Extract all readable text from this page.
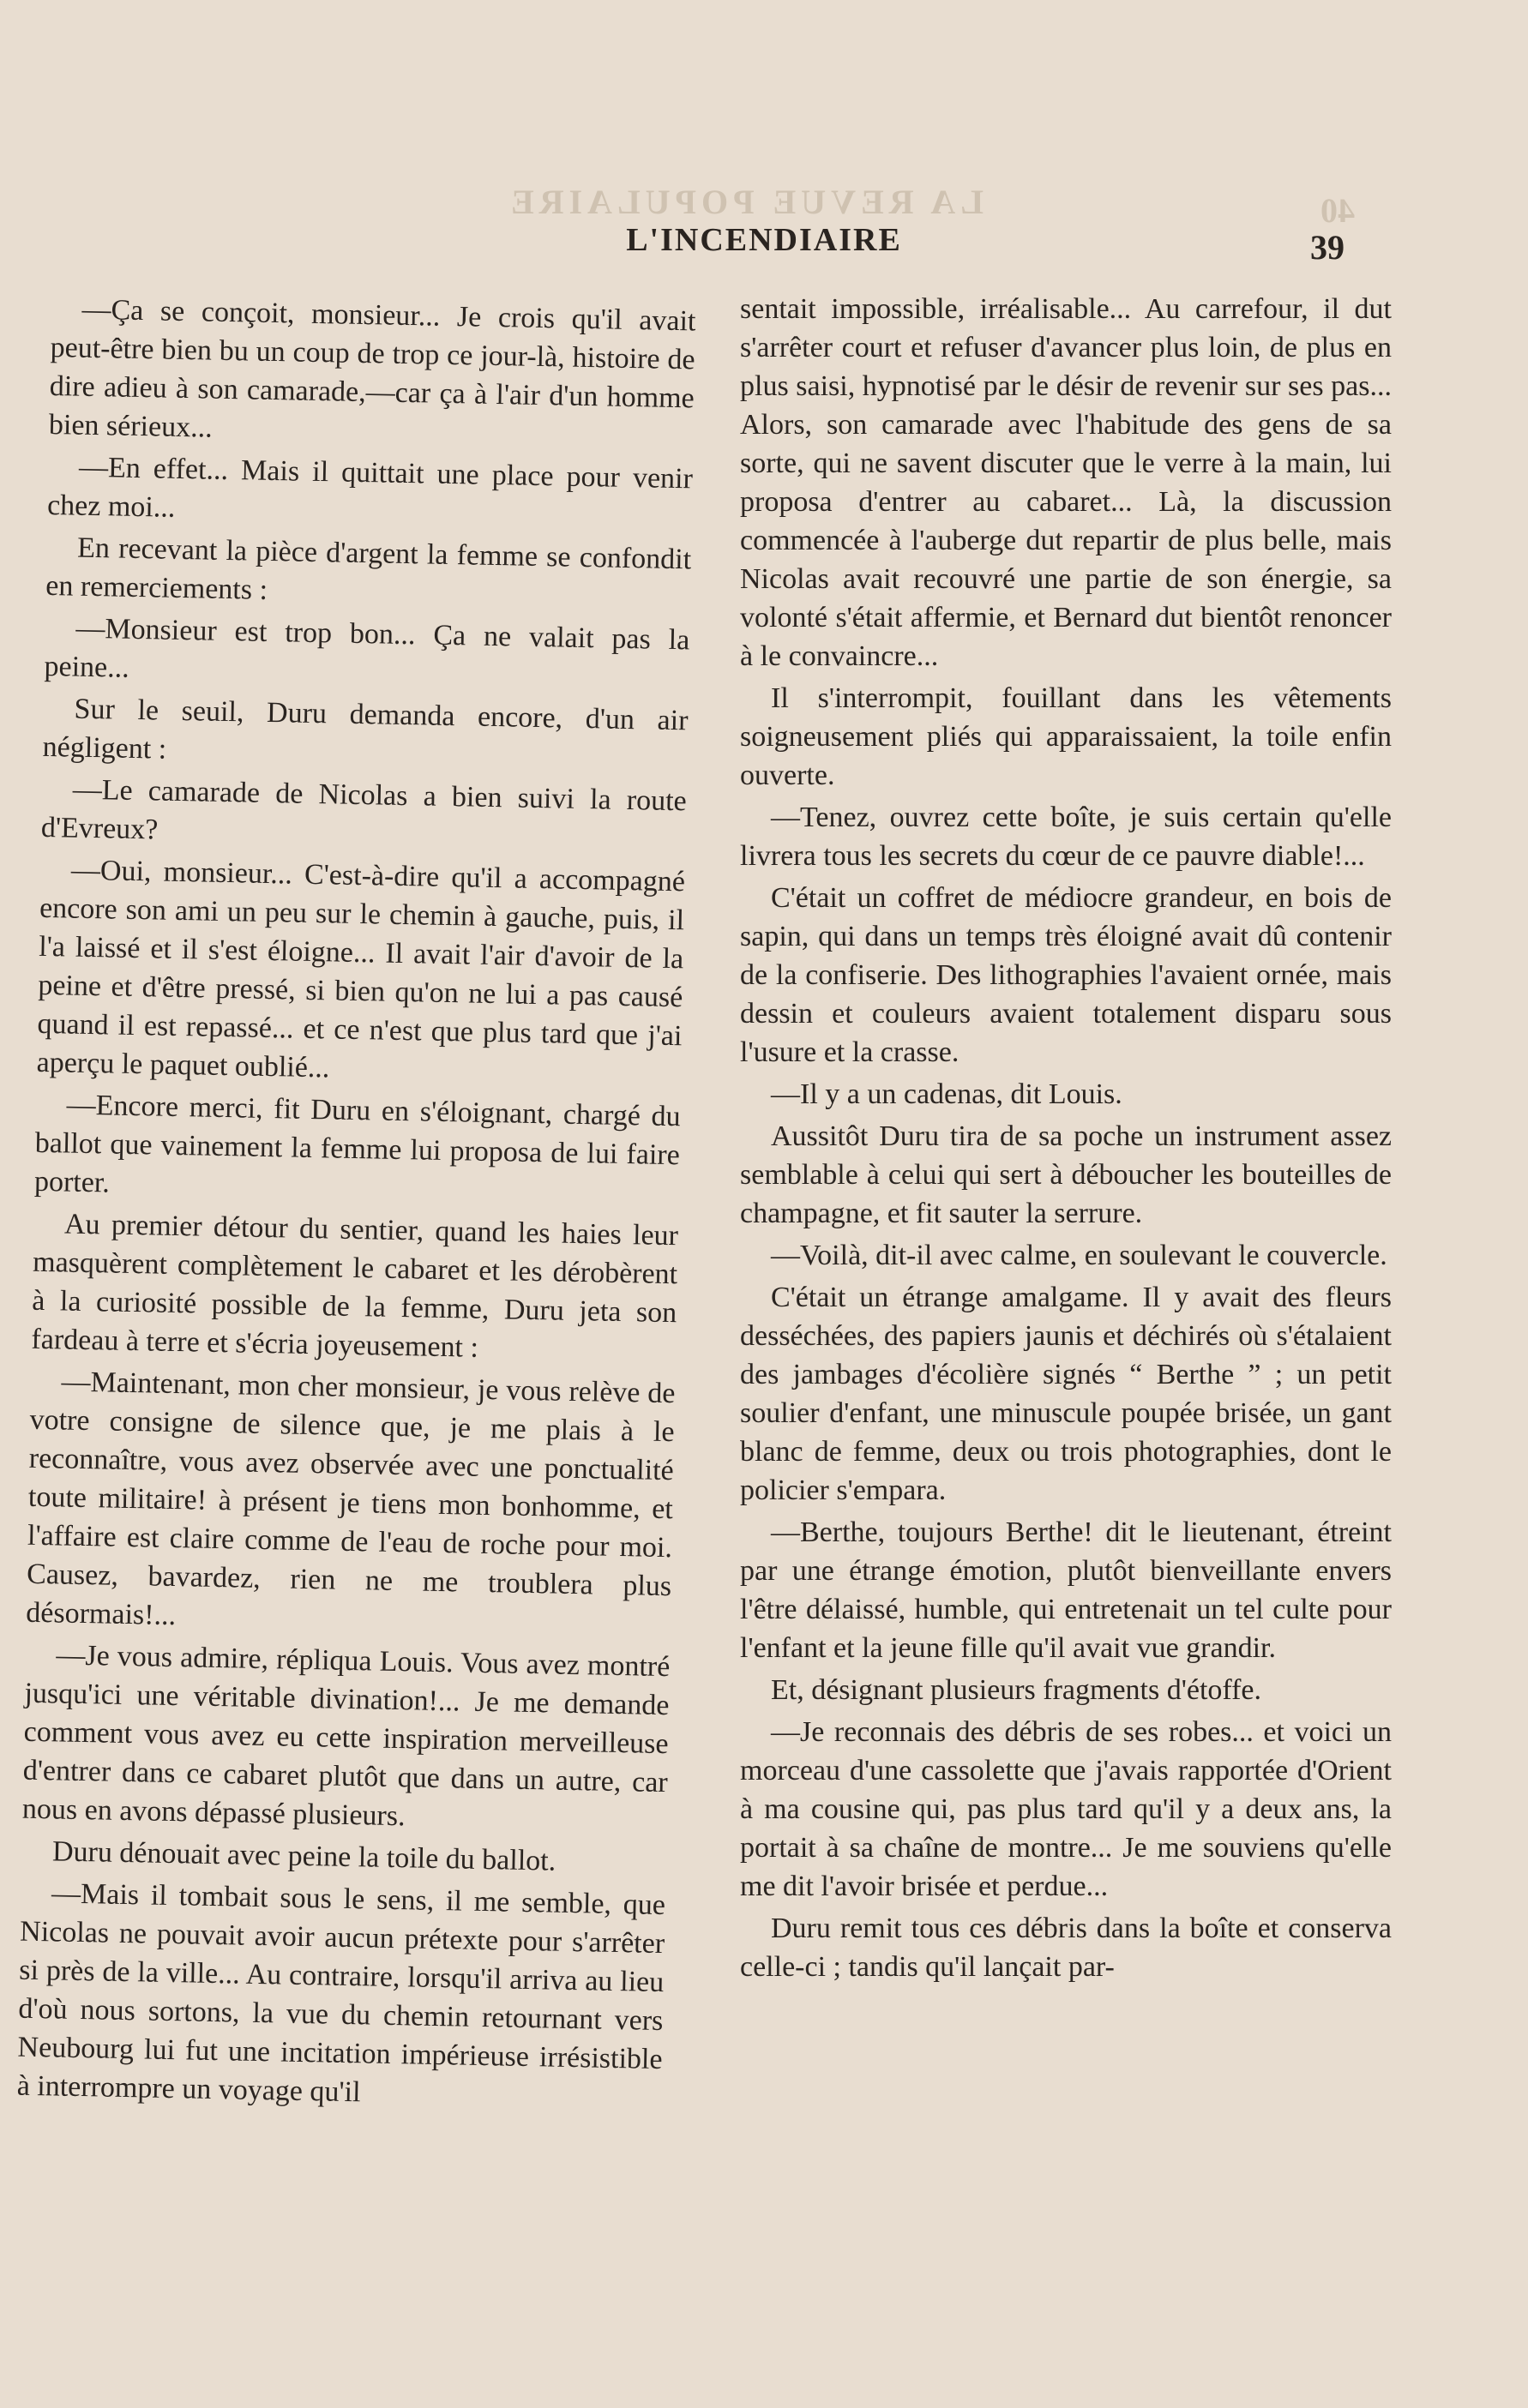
LA REVUE POPULAIRE	40
L'INCENDIAIRE	39

—Ça se conçoit, monsieur... Je crois qu'il avait peut-être bien bu un coup de trop ce jour-là, histoire de dire adieu à son camarade,—car ça à l'air d'un homme bien sérieux...

—En effet... Mais il quittait une place pour venir chez moi...

En recevant la pièce d'argent la femme se confondit en remerciements :

—Monsieur est trop bon... Ça ne valait pas la peine...

Sur le seuil, Duru demanda encore, d'un air négligent :

—Le camarade de Nicolas a bien suivi la route d'Evreux?

—Oui, monsieur... C'est-à-dire qu'il a accompagné encore son ami un peu sur le chemin à gauche, puis, il l'a laissé et il s'est éloigne... Il avait l'air d'avoir de la peine et d'être pressé, si bien qu'on ne lui a pas causé quand il est repassé... et ce n'est que plus tard que j'ai aperçu le paquet oublié...

—Encore merci, fit Duru en s'éloignant, chargé du ballot que vainement la femme lui proposa de lui faire porter.

Au premier détour du sentier, quand les haies leur masquèrent complètement le cabaret et les dérobèrent à la curiosité possible de la femme, Duru jeta son fardeau à terre et s'écria joyeusement :

—Maintenant, mon cher monsieur, je vous relève de votre consigne de silence que, je me plais à le reconnaître, vous avez observée avec une ponctualité toute militaire! à présent je tiens mon bonhomme, et l'affaire est claire comme de l'eau de roche pour moi. Causez, bavardez, rien ne me troublera plus désormais!...

—Je vous admire, répliqua Louis. Vous avez montré jusqu'ici une véritable divination!... Je me demande comment vous avez eu cette inspiration merveilleuse d'entrer dans ce cabaret plutôt que dans un autre, car nous en avons dépassé plusieurs.

Duru dénouait avec peine la toile du ballot.

—Mais il tombait sous le sens, il me semble, que Nicolas ne pouvait avoir aucun prétexte pour s'arrêter si près de la ville... Au contraire, lorsqu'il arriva au lieu d'où nous sortons, la vue du chemin retournant vers Neubourg lui fut une incitation impérieuse irrésistible à interrompre un voyage qu'il

sentait impossible, irréalisable... Au carrefour, il dut s'arrêter court et refuser d'avancer plus loin, de plus en plus saisi, hypnotisé par le désir de revenir sur ses pas... Alors, son camarade avec l'habitude des gens de sa sorte, qui ne savent discuter que le verre à la main, lui proposa d'entrer au cabaret... Là, la discussion commencée à l'auberge dut repartir de plus belle, mais Nicolas avait recouvré une partie de son énergie, sa volonté s'était affermie, et Bernard dut bientôt renoncer à le convaincre...

Il s'interrompit, fouillant dans les vêtements soigneusement pliés qui apparaissaient, la toile enfin ouverte.

—Tenez, ouvrez cette boîte, je suis certain qu'elle livrera tous les secrets du cœur de ce pauvre diable!...

C'était un coffret de médiocre grandeur, en bois de sapin, qui dans un temps très éloigné avait dû contenir de la confiserie. Des lithographies l'avaient ornée, mais dessin et couleurs avaient totalement disparu sous l'usure et la crasse.

—Il y a un cadenas, dit Louis.

Aussitôt Duru tira de sa poche un instrument assez semblable à celui qui sert à déboucher les bouteilles de champagne, et fit sauter la serrure.

—Voilà, dit-il avec calme, en soulevant le couvercle.

C'était un étrange amalgame. Il y avait des fleurs desséchées, des papiers jaunis et déchirés où s'étalaient des jambages d'écolière signés “ Berthe ” ; un petit soulier d'enfant, une minuscule poupée brisée, un gant blanc de femme, deux ou trois photographies, dont le policier s'empara.

—Berthe, toujours Berthe! dit le lieutenant, étreint par une étrange émotion, plutôt bienveillante envers l'être délaissé, humble, qui entretenait un tel culte pour l'enfant et la jeune fille qu'il avait vue grandir.

Et, désignant plusieurs fragments d'étoffe.

—Je reconnais des débris de ses robes... et voici un morceau d'une cassolette que j'avais rapportée d'Orient à ma cousine qui, pas plus tard qu'il y a deux ans, la portait à sa chaîne de montre... Je me souviens qu'elle me dit l'avoir brisée et perdue...

Duru remit tous ces débris dans la boîte et conserva celle-ci ; tandis qu'il lançait par-
